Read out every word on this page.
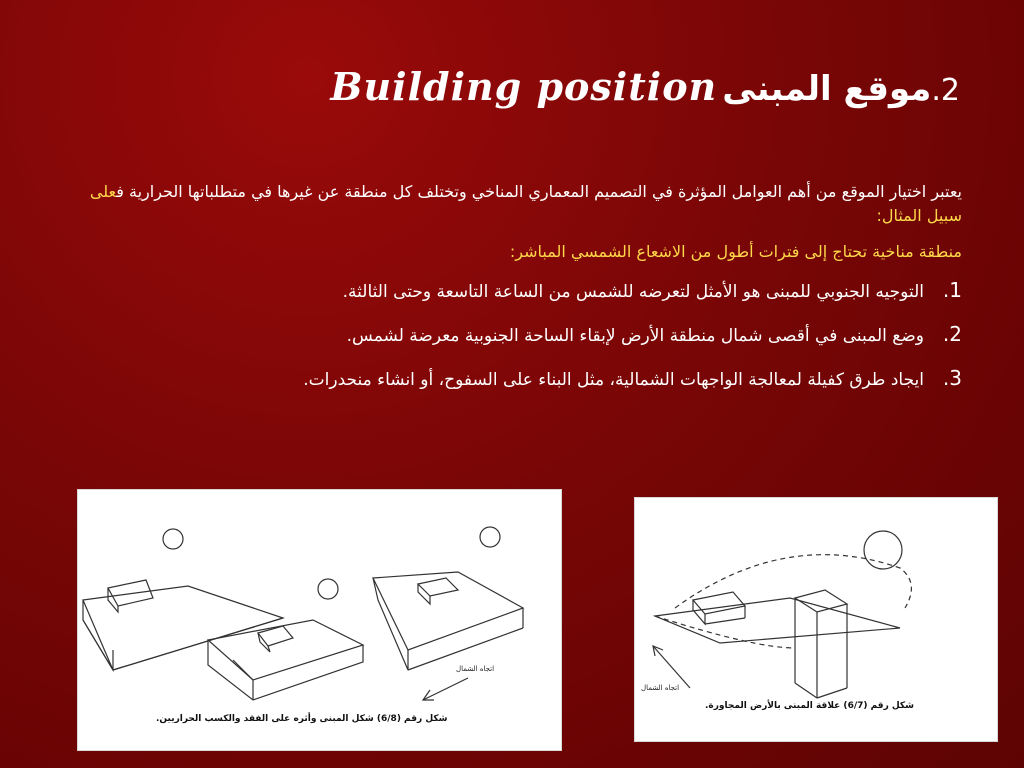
2.موقع المبنى Building position

يعتبر اختيار الموقع من أهم العوامل المؤثرة في التصميم المعماري المناخي وتختلف كل منطقة عن غيرها في متطلباتها الحرارية فعلى سبيل المثال:

منطقة مناخية تحتاج إلى فترات أطول من الاشعاع الشمسي المباشر:

1.
التوجيه الجنوبي للمبنى هو الأمثل لتعرضه للشمس من الساعة التاسعة وحتى الثالثة.
2.
وضع المبنى في أقصى شمال منطقة الأرض لإبقاء الساحة الجنوبية معرضة لشمس.
3.
ايجاد طرق كفيلة لمعالجة الواجهات الشمالية، مثل البناء على السفوح، أو انشاء منحدرات.
اتجاه الشمال
شكل رقم (6/8) شكل المبنى وأثره على الفقد والكسب الحراريين.
اتجاه الشمال
شكل رقم (6/7) علاقة المبنى بالأرض المجاورة.
